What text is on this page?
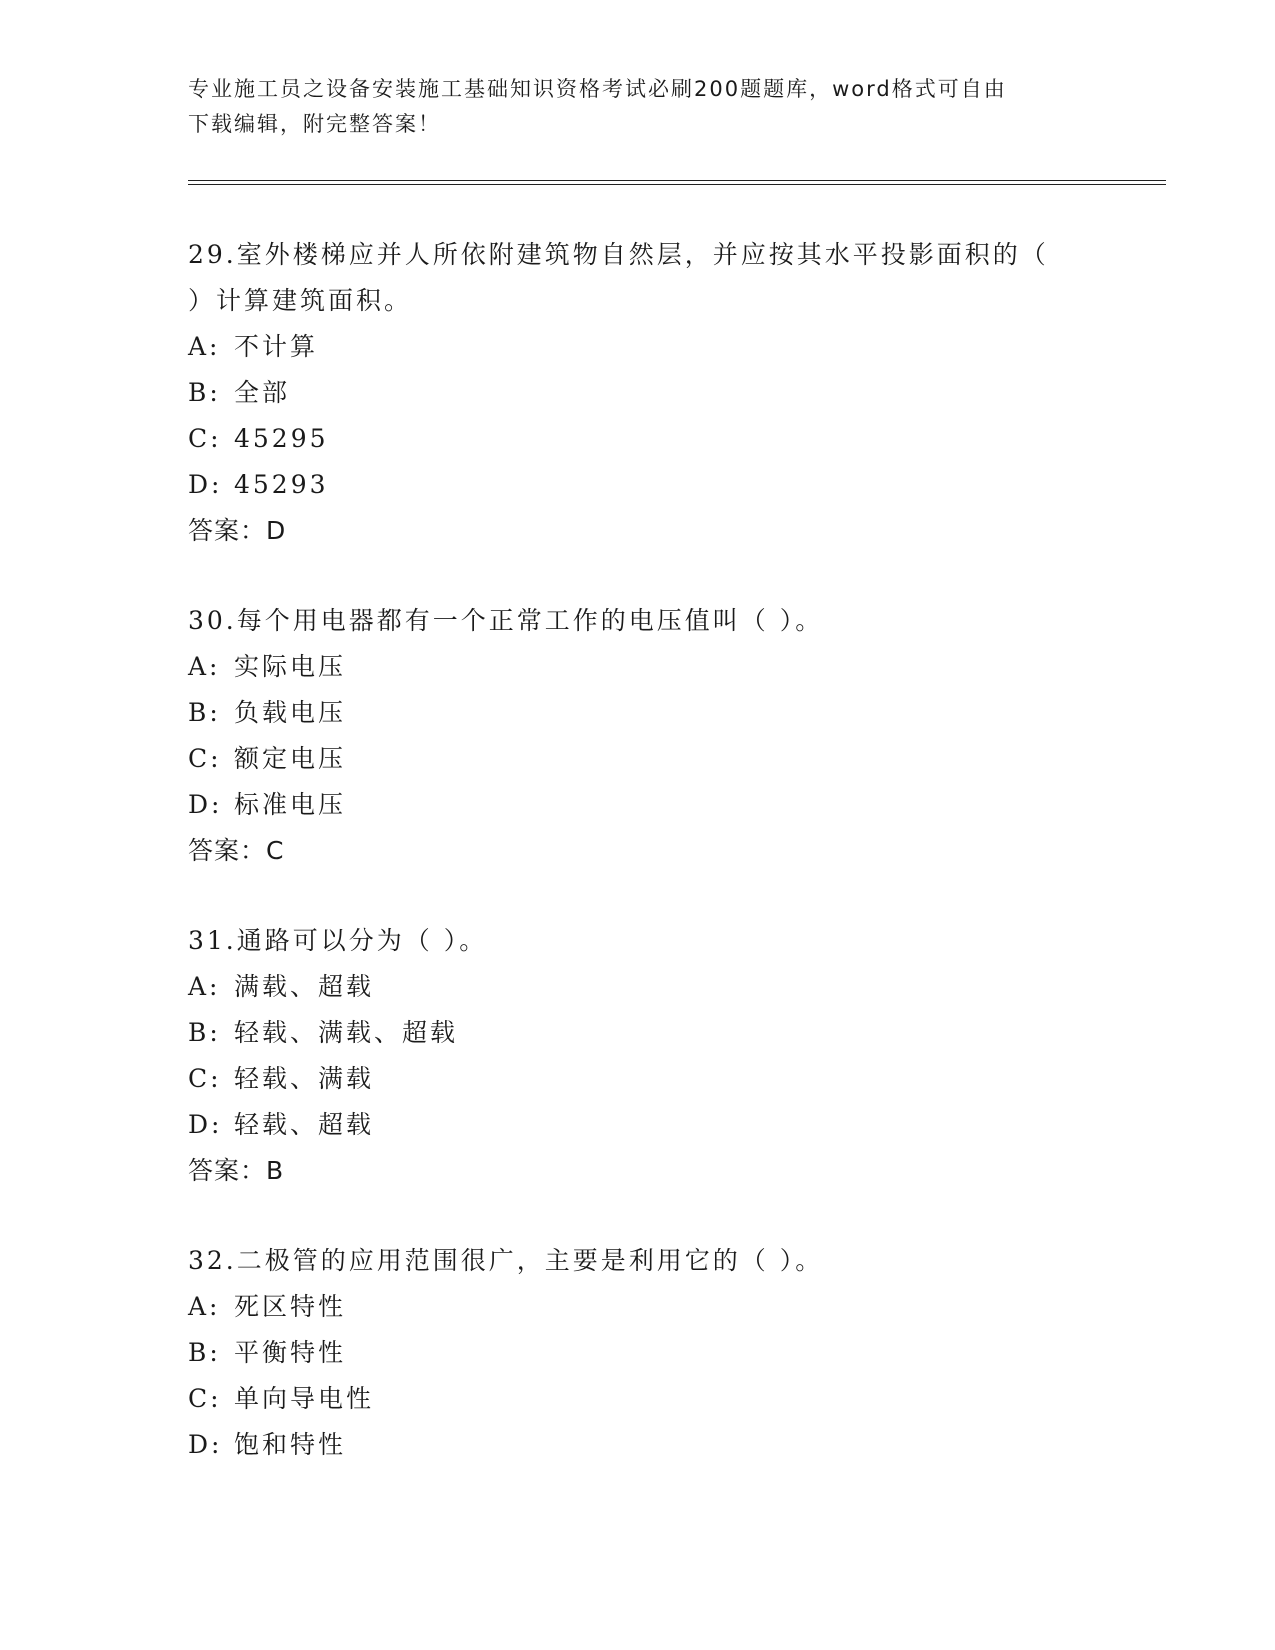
专业施工员之设备安装施工基础知识资格考试必刷200题题库，word格式可自由
下载编辑，附完整答案！
29.室外楼梯应并人所依附建筑物自然层，并应按其水平投影面积的（
）计算建筑面积。
A: 不计算
B: 全部
C: 45295
D: 45293
答案：D
30.每个用电器都有一个正常工作的电压值叫（ ）。
A: 实际电压
B: 负载电压
C: 额定电压
D: 标准电压
答案：C
31.通路可以分为（ ）。
A: 满载、超载
B: 轻载、满载、超载
C: 轻载、满载
D: 轻载、超载
答案：B
32.二极管的应用范围很广，主要是利用它的（ ）。
A: 死区特性
B: 平衡特性
C: 单向导电性
D: 饱和特性
